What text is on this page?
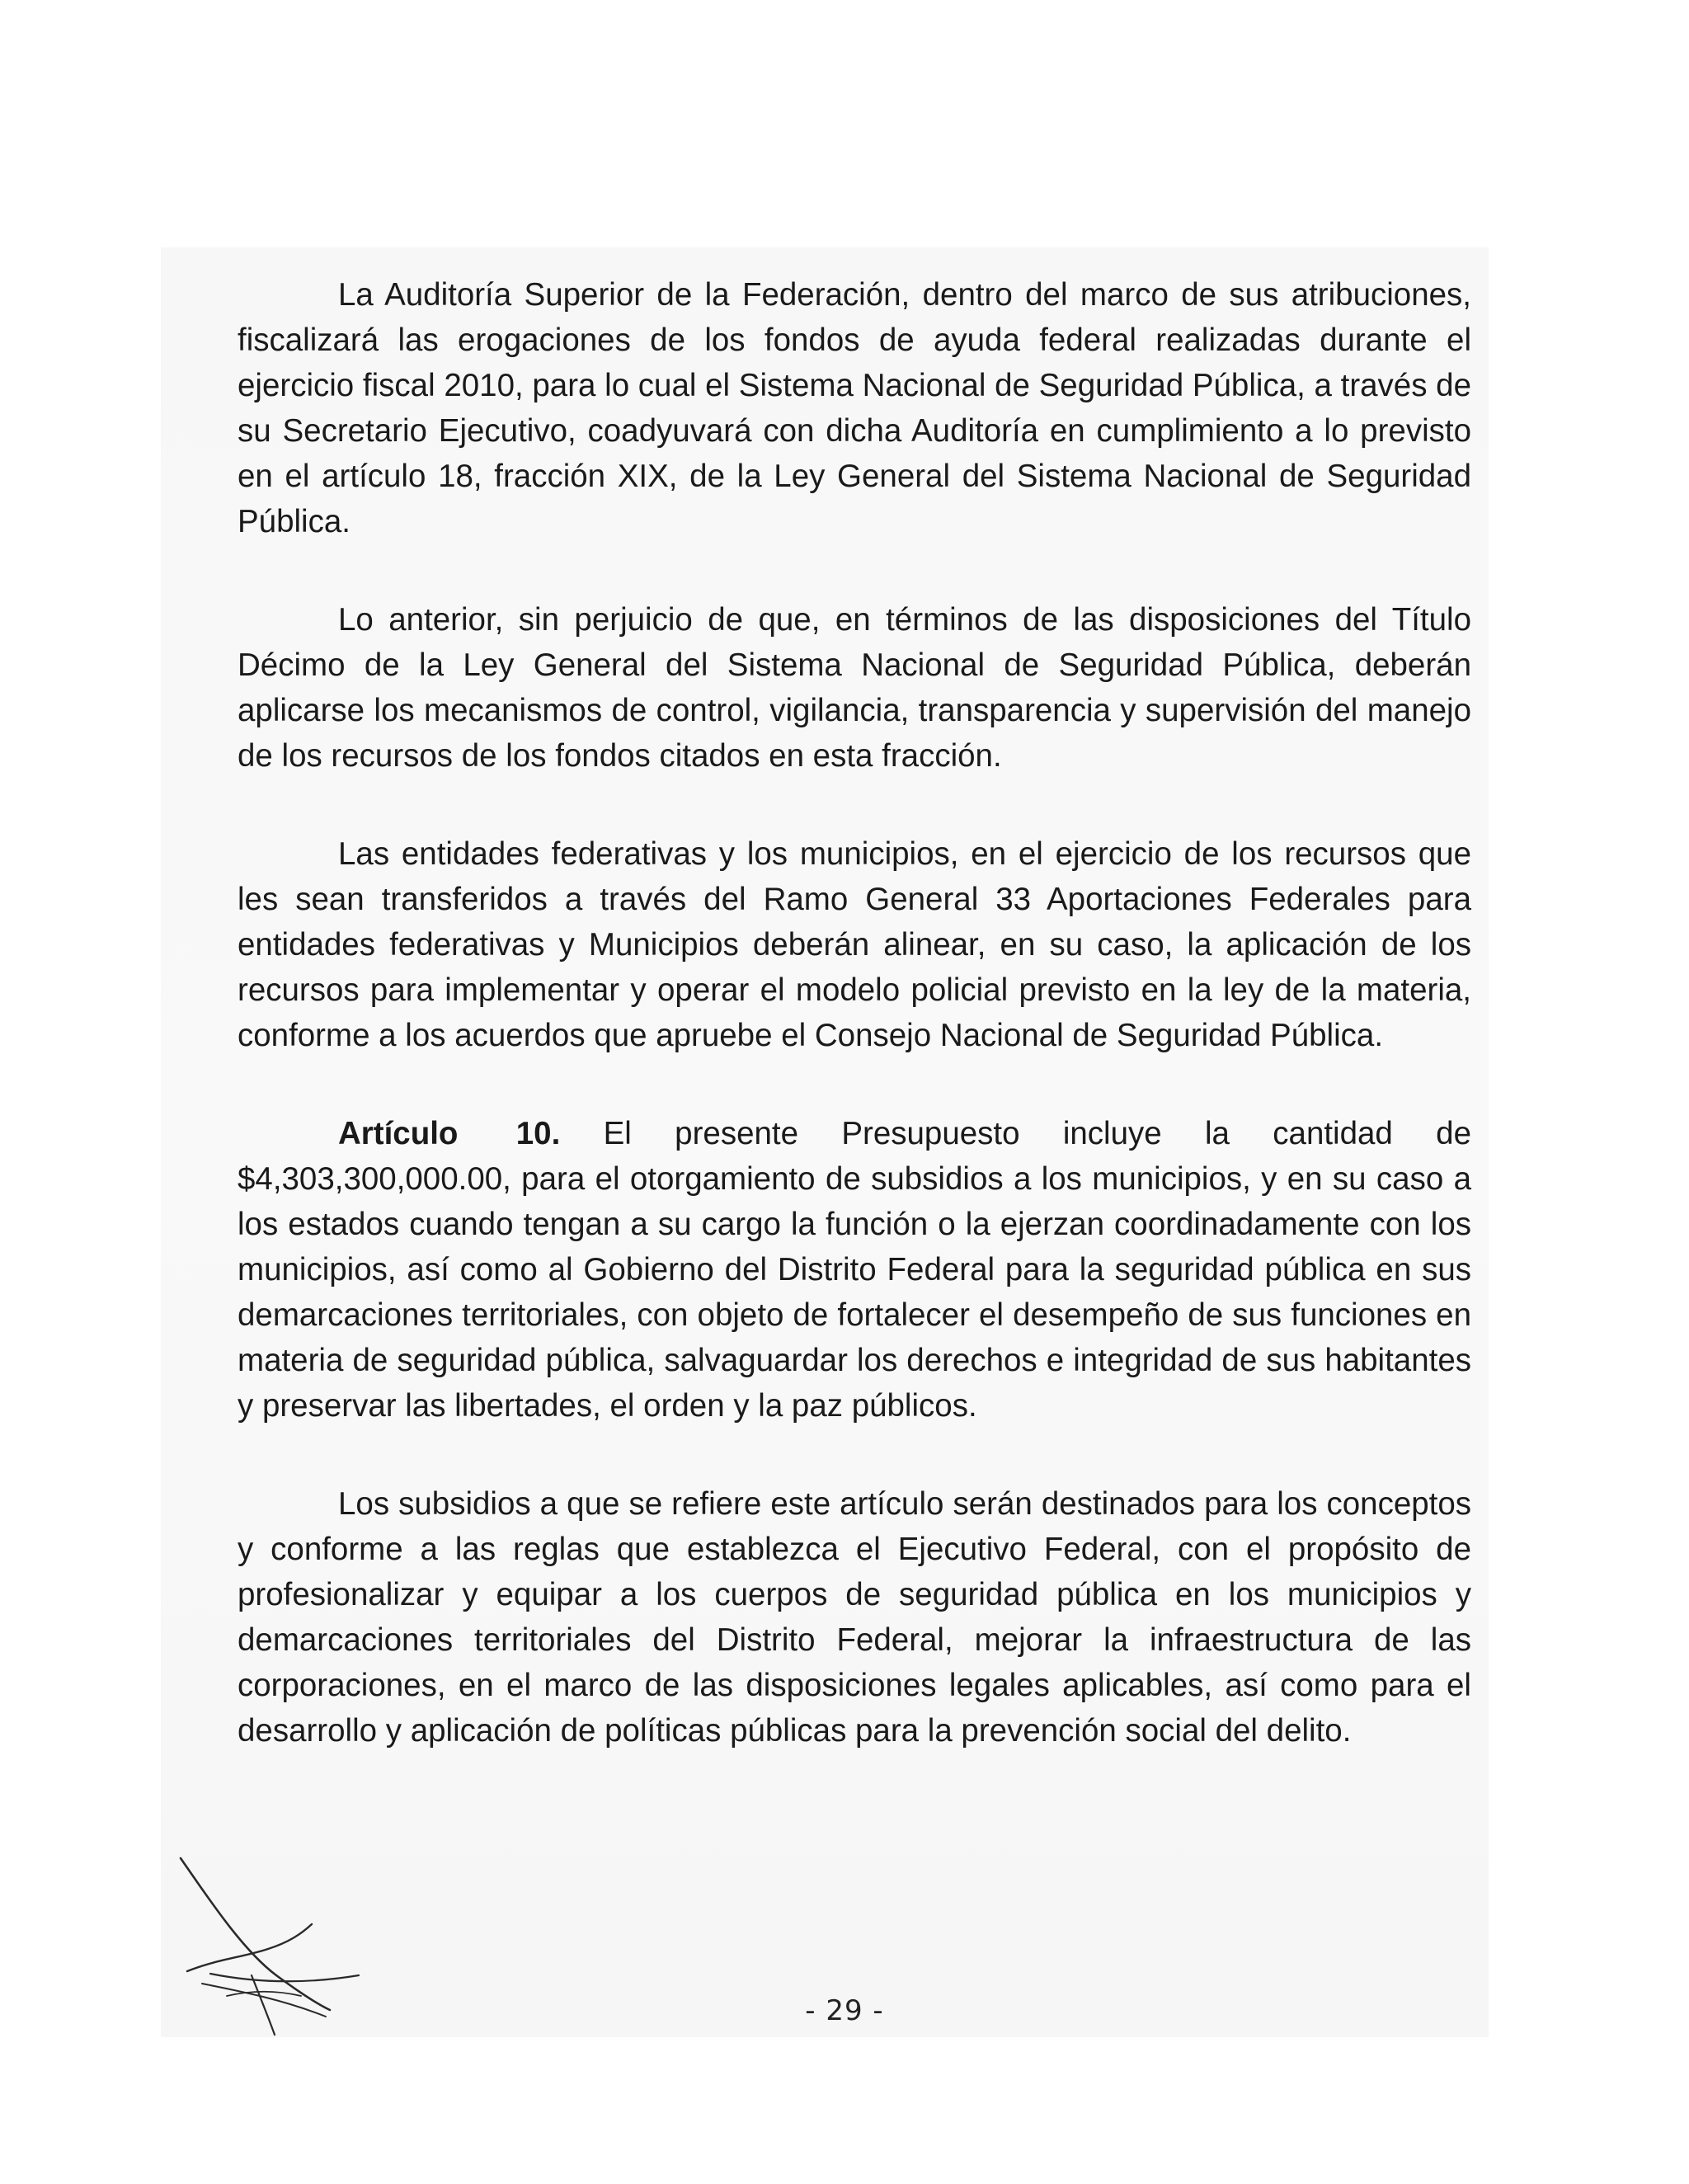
La Auditoría Superior de la Federación, dentro del marco de sus atribuciones, fiscalizará las erogaciones de los fondos de ayuda federal realizadas durante el ejercicio fiscal 2010, para lo cual el Sistema Nacional de Seguridad Pública, a través de su Secretario Ejecutivo, coadyuvará con dicha Auditoría en cumplimiento a lo previsto en el artículo 18, fracción XIX, de la Ley General del Sistema Nacional de Seguridad Pública.

Lo anterior, sin perjuicio de que, en términos de las disposiciones del Título Décimo de la Ley General del Sistema Nacional de Seguridad Pública, deberán aplicarse los mecanismos de control, vigilancia, transparencia y supervisión del manejo de los recursos de los fondos citados en esta fracción.

Las entidades federativas y los municipios, en el ejercicio de los recursos que les sean transferidos a través del Ramo General 33 Aportaciones Federales para entidades federativas y Municipios deberán alinear, en su caso, la aplicación de los recursos para implementar y operar el modelo policial previsto en la ley de la materia, conforme a los acuerdos que apruebe el Consejo Nacional de Seguridad Pública.

Artículo 10. El presente Presupuesto incluye la cantidad de $4,303,300,000.00, para el otorgamiento de subsidios a los municipios, y en su caso a los estados cuando tengan a su cargo la función o la ejerzan coordinadamente con los municipios, así como al Gobierno del Distrito Federal para la seguridad pública en sus demarcaciones territoriales, con objeto de fortalecer el desempeño de sus funciones en materia de seguridad pública, salvaguardar los derechos e integridad de sus habitantes y preservar las libertades, el orden y la paz públicos.

Los subsidios a que se refiere este artículo serán destinados para los conceptos y conforme a las reglas que establezca el Ejecutivo Federal, con el propósito de profesionalizar y equipar a los cuerpos de seguridad pública en los municipios y demarcaciones territoriales del Distrito Federal, mejorar la infraestructura de las corporaciones, en el marco de las disposiciones legales aplicables, así como para el desarrollo y aplicación de políticas públicas para la prevención social del delito.

- 29 -
